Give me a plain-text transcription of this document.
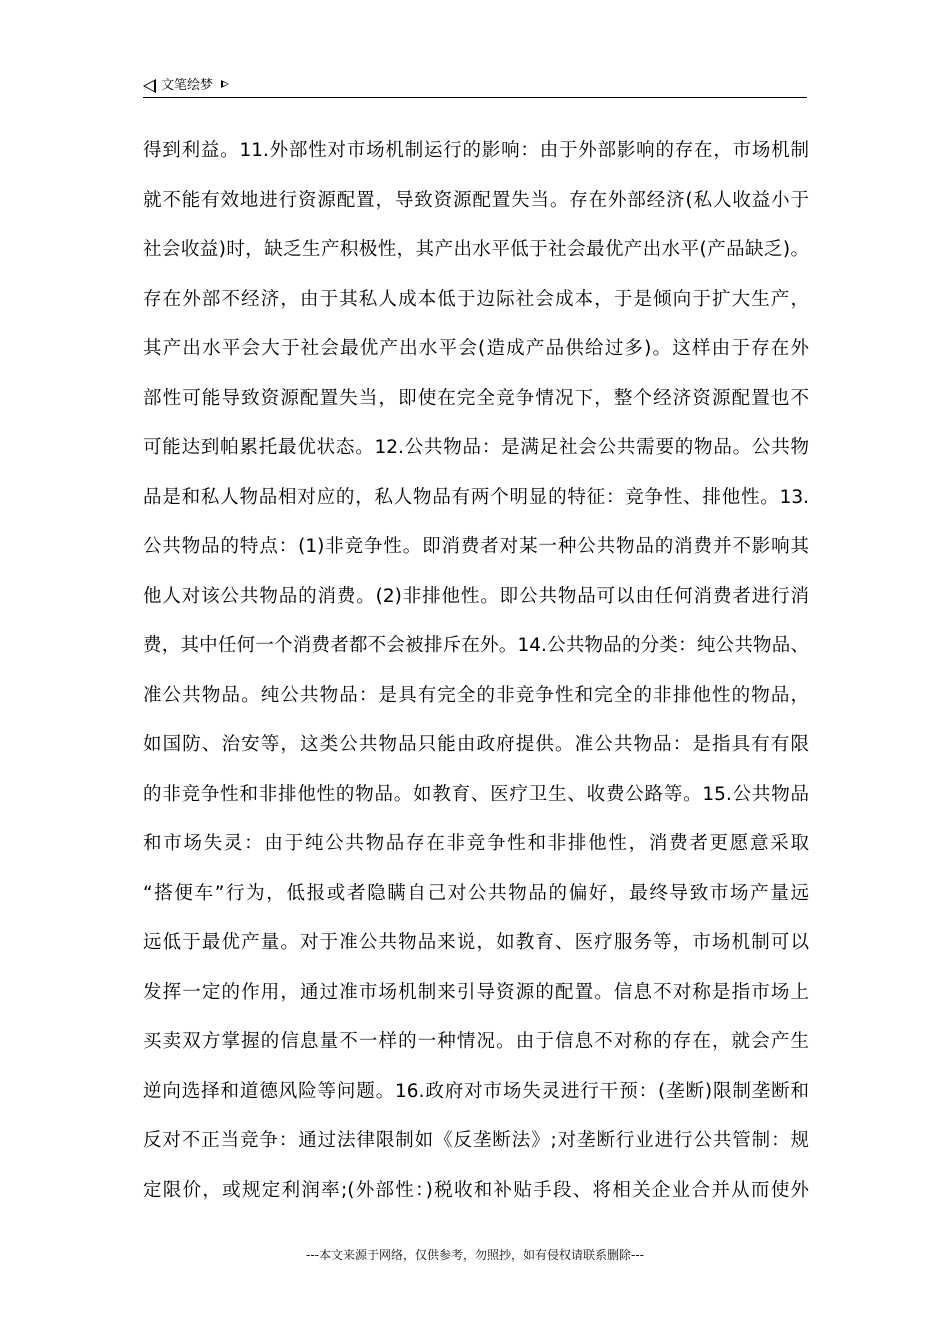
文笔绘梦
得到利益。11.外部性对市场机制运行的影响：由于外部影响的存在，市场机制
就不能有效地进行资源配置，导致资源配置失当。存在外部经济(私人收益小于
社会收益)时，缺乏生产积极性，其产出水平低于社会最优产出水平(产品缺乏)。
存在外部不经济，由于其私人成本低于边际社会成本，于是倾向于扩大生产，
其产出水平会大于社会最优产出水平会(造成产品供给过多)。这样由于存在外
部性可能导致资源配置失当，即使在完全竞争情况下，整个经济资源配置也不
可能达到帕累托最优状态。12.公共物品：是满足社会公共需要的物品。公共物
品是和私人物品相对应的，私人物品有两个明显的特征：竞争性、排他性。13.
公共物品的特点：(1)非竞争性。即消费者对某一种公共物品的消费并不影响其
他人对该公共物品的消费。(2)非排他性。即公共物品可以由任何消费者进行消
费，其中任何一个消费者都不会被排斥在外。14.公共物品的分类：纯公共物品、
准公共物品。纯公共物品：是具有完全的非竞争性和完全的非排他性的物品，
如国防、治安等，这类公共物品只能由政府提供。准公共物品：是指具有有限
的非竞争性和非排他性的物品。如教育、医疗卫生、收费公路等。15.公共物品
和市场失灵：由于纯公共物品存在非竞争性和非排他性，消费者更愿意采取
“搭便车”行为，低报或者隐瞒自己对公共物品的偏好，最终导致市场产量远
远低于最优产量。对于准公共物品来说，如教育、医疗服务等，市场机制可以
发挥一定的作用，通过准市场机制来引导资源的配置。信息不对称是指市场上
买卖双方掌握的信息量不一样的一种情况。由于信息不对称的存在，就会产生
逆向选择和道德风险等问题。16.政府对市场失灵进行干预：(垄断)限制垄断和
反对不正当竞争：通过法律限制如《反垄断法》;对垄断行业进行公共管制：规
定限价，或规定利润率;(外部性：)税收和补贴手段、将相关企业合并从而使外
---本文来源于网络，仅供参考，勿照抄，如有侵权请联系删除---
